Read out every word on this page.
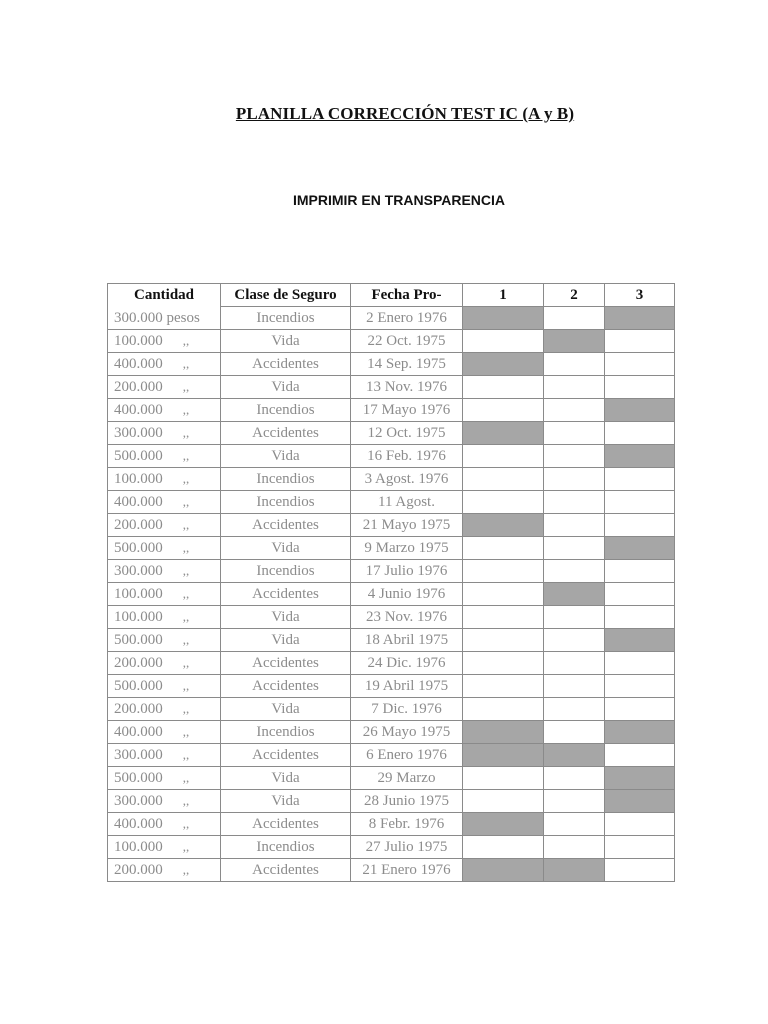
PLANILLA CORRECCIÓN TEST IC (A y B)
IMPRIMIR EN TRANSPARENCIA
Cantidad	Clase de Seguro	Fecha Pro-	1	2	3
300.000 pesos	Incendios	2 Enero 1976			
100.000 ,,	Vida	22 Oct. 1975			
400.000 ,,	Accidentes	14 Sep. 1975			
200.000 ,,	Vida	13 Nov. 1976			
400.000 ,,	Incendios	17 Mayo 1976			
300.000 ,,	Accidentes	12 Oct. 1975			
500.000 ,,	Vida	16 Feb. 1976			
100.000 ,,	Incendios	3 Agost. 1976			
400.000 ,,	Incendios	11 Agost.			
200.000 ,,	Accidentes	21 Mayo 1975			
500.000 ,,	Vida	9 Marzo 1975			
300.000 ,,	Incendios	17 Julio 1976			
100.000 ,,	Accidentes	4 Junio 1976			
100.000 ,,	Vida	23 Nov. 1976			
500.000 ,,	Vida	18 Abril 1975			
200.000 ,,	Accidentes	24 Dic. 1976			
500.000 ,,	Accidentes	19 Abril 1975			
200.000 ,,	Vida	7 Dic. 1976			
400.000 ,,	Incendios	26 Mayo 1975			
300.000 ,,	Accidentes	6 Enero 1976			
500.000 ,,	Vida	29 Marzo			
300.000 ,,	Vida	28 Junio 1975			
400.000 ,,	Accidentes	8 Febr. 1976			
100.000 ,,	Incendios	27 Julio 1975			
200.000 ,,	Accidentes	21 Enero 1976			
